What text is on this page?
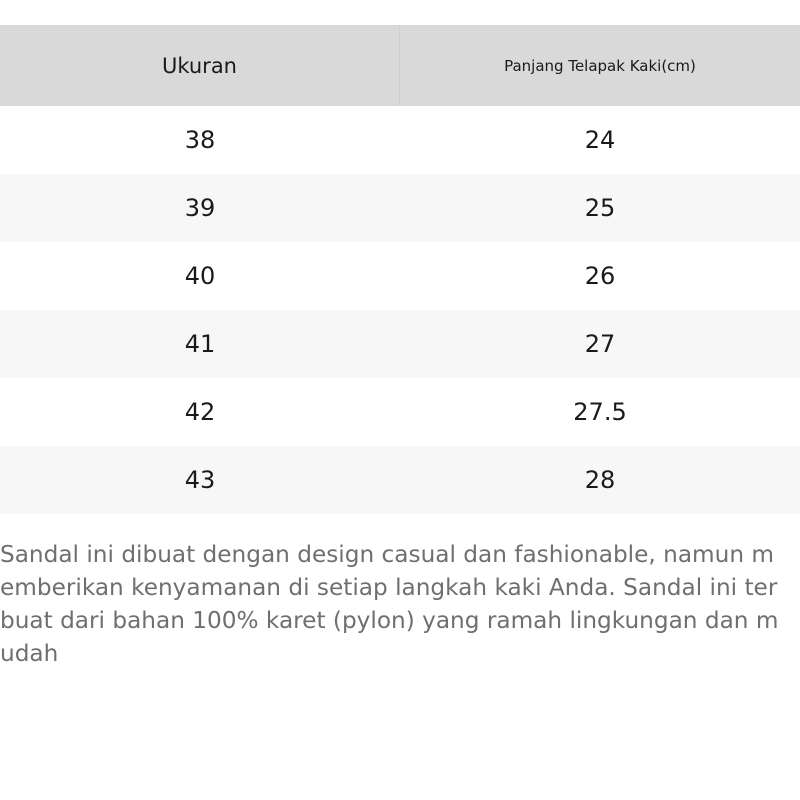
Ukuran	Panjang Telapak Kaki(cm)
38	24
39	25
40	26
41	27
42	27.5
43	28
Sandal ini dibuat dengan design casual dan fashionable, namun m
emberikan kenyamanan di setiap langkah kaki Anda. Sandal ini ter
buat dari bahan 100% karet (pylon) yang ramah lingkungan dan m
udah
